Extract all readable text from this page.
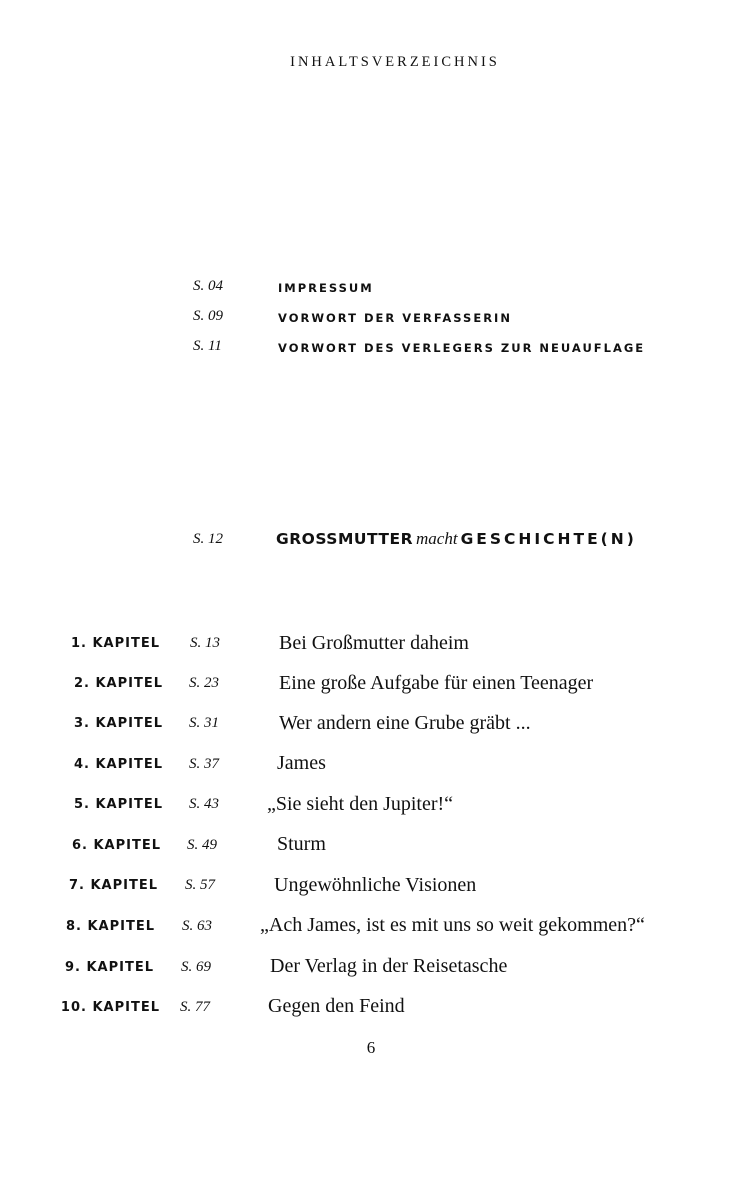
INHALTSVERZEICHNIS
S. 04	IMPRESSUM
S. 09	VORWORT DER VERFASSERIN
S. 11	VORWORT DES VERLEGERS ZUR NEUAUFLAGE
S. 12	GROSSMUTTER macht GESCHICHTE(N)
1. KAPITEL S. 13	Bei Großmutter daheim
2. KAPITEL S. 23	Eine große Aufgabe für einen Teenager
3. KAPITEL S. 31	Wer andern eine Grube gräbt ...
4. KAPITEL S. 37	James
5. KAPITEL S. 43 „Sie sieht den Jupiter!“
6. KAPITEL S. 49	Sturm
7. KAPITEL S. 57	Ungewöhnliche Visionen
8. KAPITEL S. 63 „Ach James, ist es mit uns so weit gekommen?“
9. KAPITEL S. 69	Der Verlag in der Reisetasche
10. KAPITEL S. 77	Gegen den Feind
6
